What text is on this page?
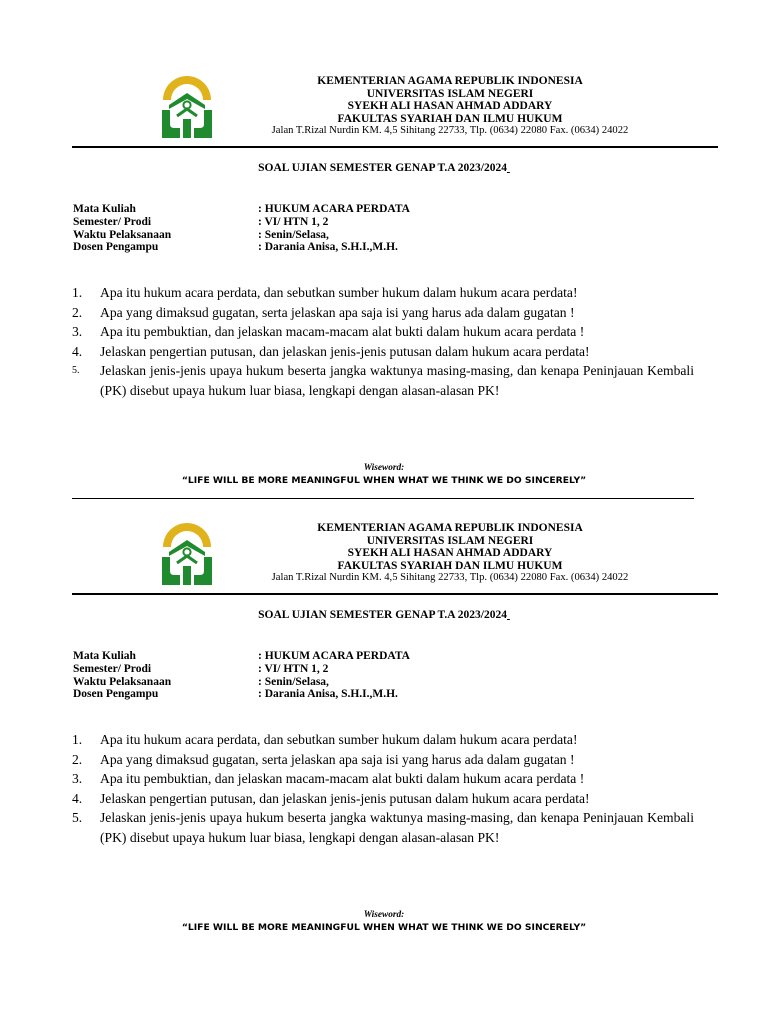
KEMENTERIAN AGAMA REPUBLIK INDONESIA
UNIVERSITAS ISLAM NEGERI
SYEKH ALI HASAN AHMAD ADDARY
FAKULTAS SYARIAH DAN ILMU HUKUM
Jalan T.Rizal Nurdin KM. 4,5 Sihitang 22733, Tlp. (0634) 22080 Fax. (0634) 24022
SOAL UJIAN SEMESTER GENAP T.A 2023/2024
Mata Kuliah	: HUKUM ACARA PERDATA
Semester/ Prodi	: VI/ HTN 1, 2
Waktu Pelaksanaan	: Senin/Selasa,
Dosen Pengampu	: Darania Anisa, S.H.I.,M.H.
1.	Apa itu hukum acara perdata, dan sebutkan sumber hukum dalam hukum acara perdata!
2.	Apa yang dimaksud gugatan, serta jelaskan apa saja isi yang harus ada dalam gugatan !
3.	Apa itu pembuktian, dan jelaskan macam-macam alat bukti dalam hukum acara perdata !
4.	Jelaskan pengertian putusan, dan jelaskan jenis-jenis putusan dalam hukum acara perdata!
5.	Jelaskan jenis-jenis upaya hukum beserta jangka waktunya masing-masing, dan kenapa Peninjauan Kembali (PK) disebut upaya hukum luar biasa, lengkapi dengan alasan-alasan PK!
Wiseword:
“LIFE WILL BE MORE MEANINGFUL WHEN WHAT WE THINK WE DO SINCERELY”
KEMENTERIAN AGAMA REPUBLIK INDONESIA
UNIVERSITAS ISLAM NEGERI
SYEKH ALI HASAN AHMAD ADDARY
FAKULTAS SYARIAH DAN ILMU HUKUM
Jalan T.Rizal Nurdin KM. 4,5 Sihitang 22733, Tlp. (0634) 22080 Fax. (0634) 24022
SOAL UJIAN SEMESTER GENAP T.A 2023/2024
Mata Kuliah	: HUKUM ACARA PERDATA
Semester/ Prodi	: VI/ HTN 1, 2
Waktu Pelaksanaan	: Senin/Selasa,
Dosen Pengampu	: Darania Anisa, S.H.I.,M.H.
1.	Apa itu hukum acara perdata, dan sebutkan sumber hukum dalam hukum acara perdata!
2.	Apa yang dimaksud gugatan, serta jelaskan apa saja isi yang harus ada dalam gugatan !
3.	Apa itu pembuktian, dan jelaskan macam-macam alat bukti dalam hukum acara perdata !
4.	Jelaskan pengertian putusan, dan jelaskan jenis-jenis putusan dalam hukum acara perdata!
5.	Jelaskan jenis-jenis upaya hukum beserta jangka waktunya masing-masing, dan kenapa Peninjauan Kembali (PK) disebut upaya hukum luar biasa, lengkapi dengan alasan-alasan PK!
Wiseword:
“LIFE WILL BE MORE MEANINGFUL WHEN WHAT WE THINK WE DO SINCERELY”
